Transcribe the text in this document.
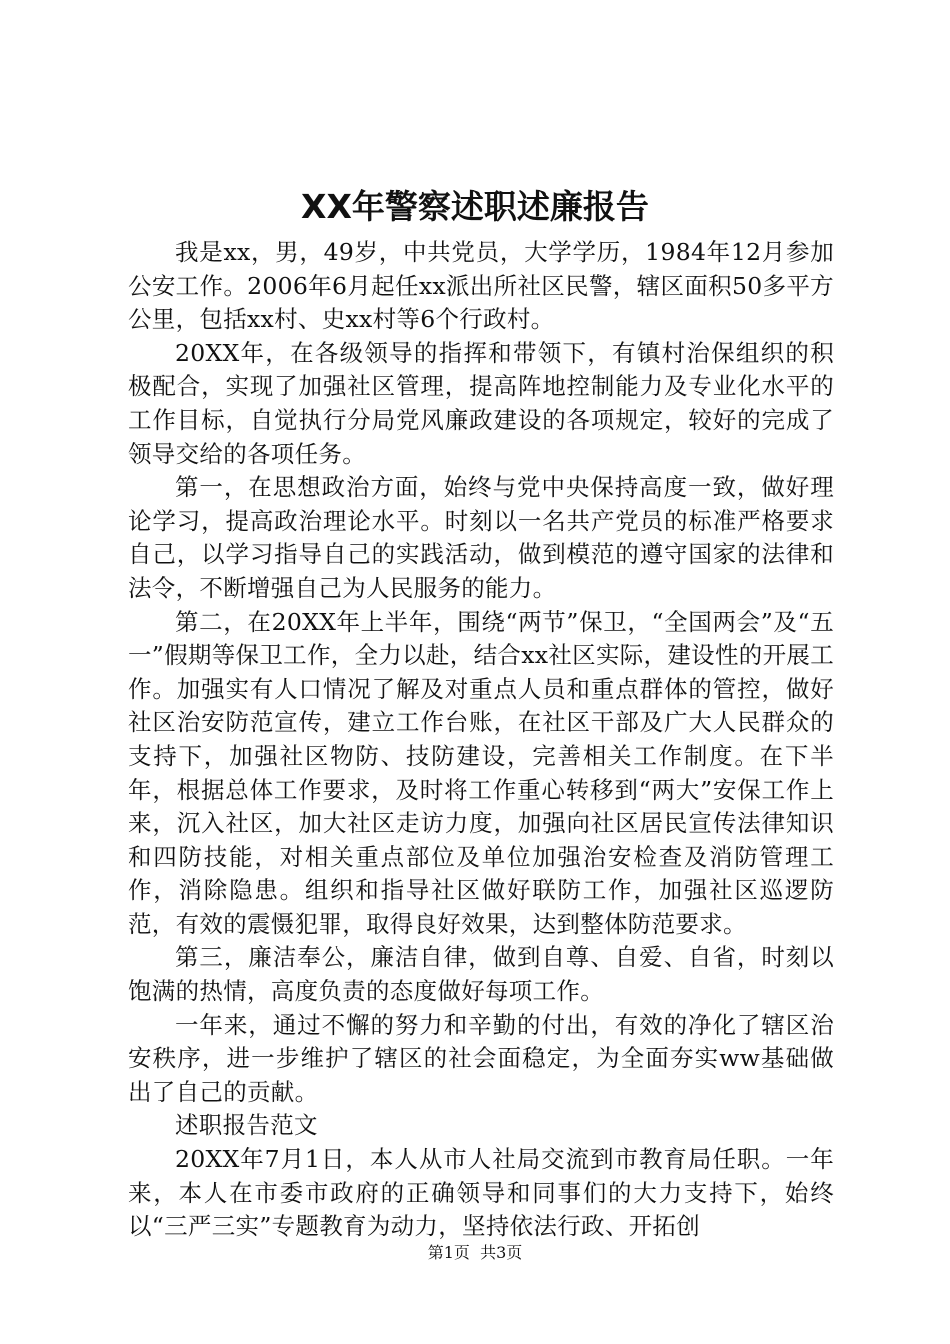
XX年警察述职述廉报告

我是xx，男，49岁，中共党员，大学学历，1984年12月参加公安工作。2006年6月起任xx派出所社区民警，辖区面积50多平方公里，包括xx村、史xx村等6个行政村。

20XX年，在各级领导的指挥和带领下，有镇村治保组织的积极配合，实现了加强社区管理，提高阵地控制能力及专业化水平的工作目标，自觉执行分局党风廉政建设的各项规定，较好的完成了领导交给的各项任务。

第一，在思想政治方面，始终与党中央保持高度一致，做好理论学习，提高政治理论水平。时刻以一名共产党员的标准严格要求自己，以学习指导自己的实践活动，做到模范的遵守国家的法律和法令，不断增强自己为人民服务的能力。

第二，在20XX年上半年，围绕“两节”保卫，“全国两会”及“五一”假期等保卫工作，全力以赴，结合xx社区实际，建设性的开展工作。加强实有人口情况了解及对重点人员和重点群体的管控，做好社区治安防范宣传，建立工作台账，在社区干部及广大人民群众的支持下，加强社区物防、技防建设，完善相关工作制度。在下半年，根据总体工作要求，及时将工作重心转移到“两大”安保工作上来，沉入社区，加大社区走访力度，加强向社区居民宣传法律知识和四防技能，对相关重点部位及单位加强治安检查及消防管理工作，消除隐患。组织和指导社区做好联防工作，加强社区巡逻防范，有效的震慑犯罪，取得良好效果，达到整体防范要求。

第三，廉洁奉公，廉洁自律，做到自尊、自爱、自省，时刻以饱满的热情，高度负责的态度做好每项工作。

一年来，通过不懈的努力和辛勤的付出，有效的净化了辖区治安秩序，进一步维护了辖区的社会面稳定，为全面夯实ww基础做出了自己的贡献。

述职报告范文

20XX年7月1日，本人从市人社局交流到市教育局任职。一年来，本人在市委市政府的正确领导和同事们的大力支持下，始终以“三严三实”专题教育为动力，坚持依法行政、开拓创

第1页 共3页
